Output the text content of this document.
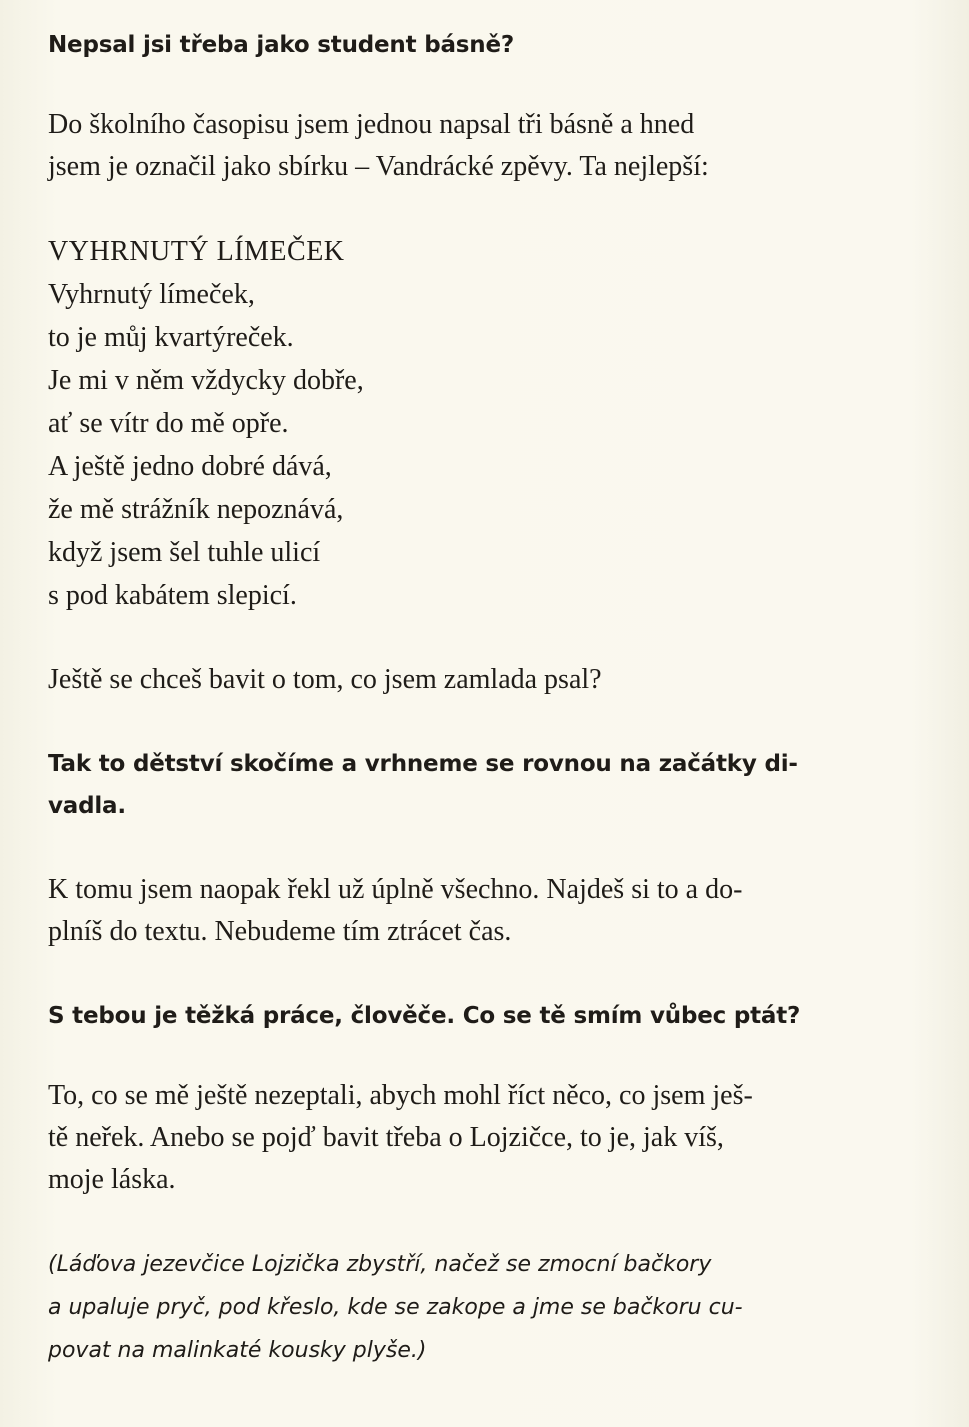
Nepsal jsi třeba jako student básně?

Do školního časopisu jsem jednou napsal tři básně a hned
jsem je označil jako sbírku – Vandrácké zpěvy. Ta nejlepší:

VYHRNUTÝ LÍMEČEK
Vyhrnutý límeček,
to je můj kvartýreček.
Je mi v něm vždycky dobře,
ať se vítr do mě opře.
A ještě jedno dobré dává,
že mě strážník nepoznává,
když jsem šel tuhle ulicí
s pod kabátem slepicí.

Ještě se chceš bavit o tom, co jsem zamlada psal?

Tak to dětství skočíme a vrhneme se rovnou na začátky di-
vadla.

K tomu jsem naopak řekl už úplně všechno. Najdeš si to a do-
plníš do textu. Nebudeme tím ztrácet čas.

S tebou je těžká práce, člověče. Co se tě smím vůbec ptát?

To, co se mě ještě nezeptali, abych mohl říct něco, co jsem ješ-
tě neřek. Anebo se pojď bavit třeba o Lojzičce, to je, jak víš,
moje láska.

(Láďova jezevčice Lojzička zbystří, načež se zmocní bačkory
a upaluje pryč, pod křeslo, kde se zakope a jme se bačkoru cu-
povat na malinkaté kousky plyše.)
